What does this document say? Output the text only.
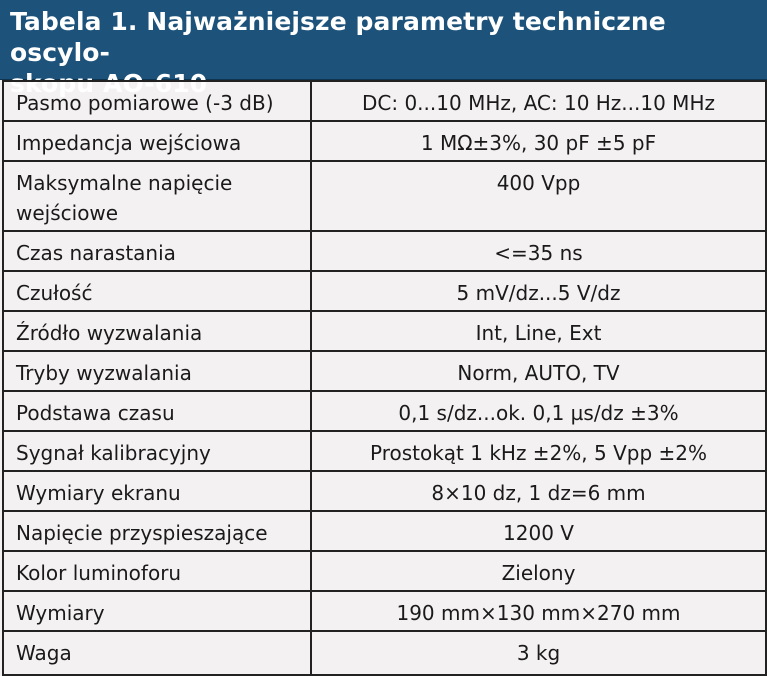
Tabela 1. Najważniejsze parametry techniczne oscylo-
skopu AO-610
Pasmo pomiarowe (-3 dB)	DC: 0...10 MHz, AC: 10 Hz...10 MHz
Impedancja wejściowa	1 MΩ±3%, 30 pF ±5 pF
Maksymalne napięcie
wejściowe	400 Vpp
Czas narastania	<=35 ns
Czułość	5 mV/dz...5 V/dz
Źródło wyzwalania	Int, Line, Ext
Tryby wyzwalania	Norm, AUTO, TV
Podstawa czasu	0,1 s/dz...ok. 0,1 µs/dz ±3%
Sygnał kalibracyjny	Prostokąt 1 kHz ±2%, 5 Vpp ±2%
Wymiary ekranu	8×10 dz, 1 dz=6 mm
Napięcie przyspieszające	1200 V
Kolor luminoforu	Zielony
Wymiary	190 mm×130 mm×270 mm
Waga	3 kg
